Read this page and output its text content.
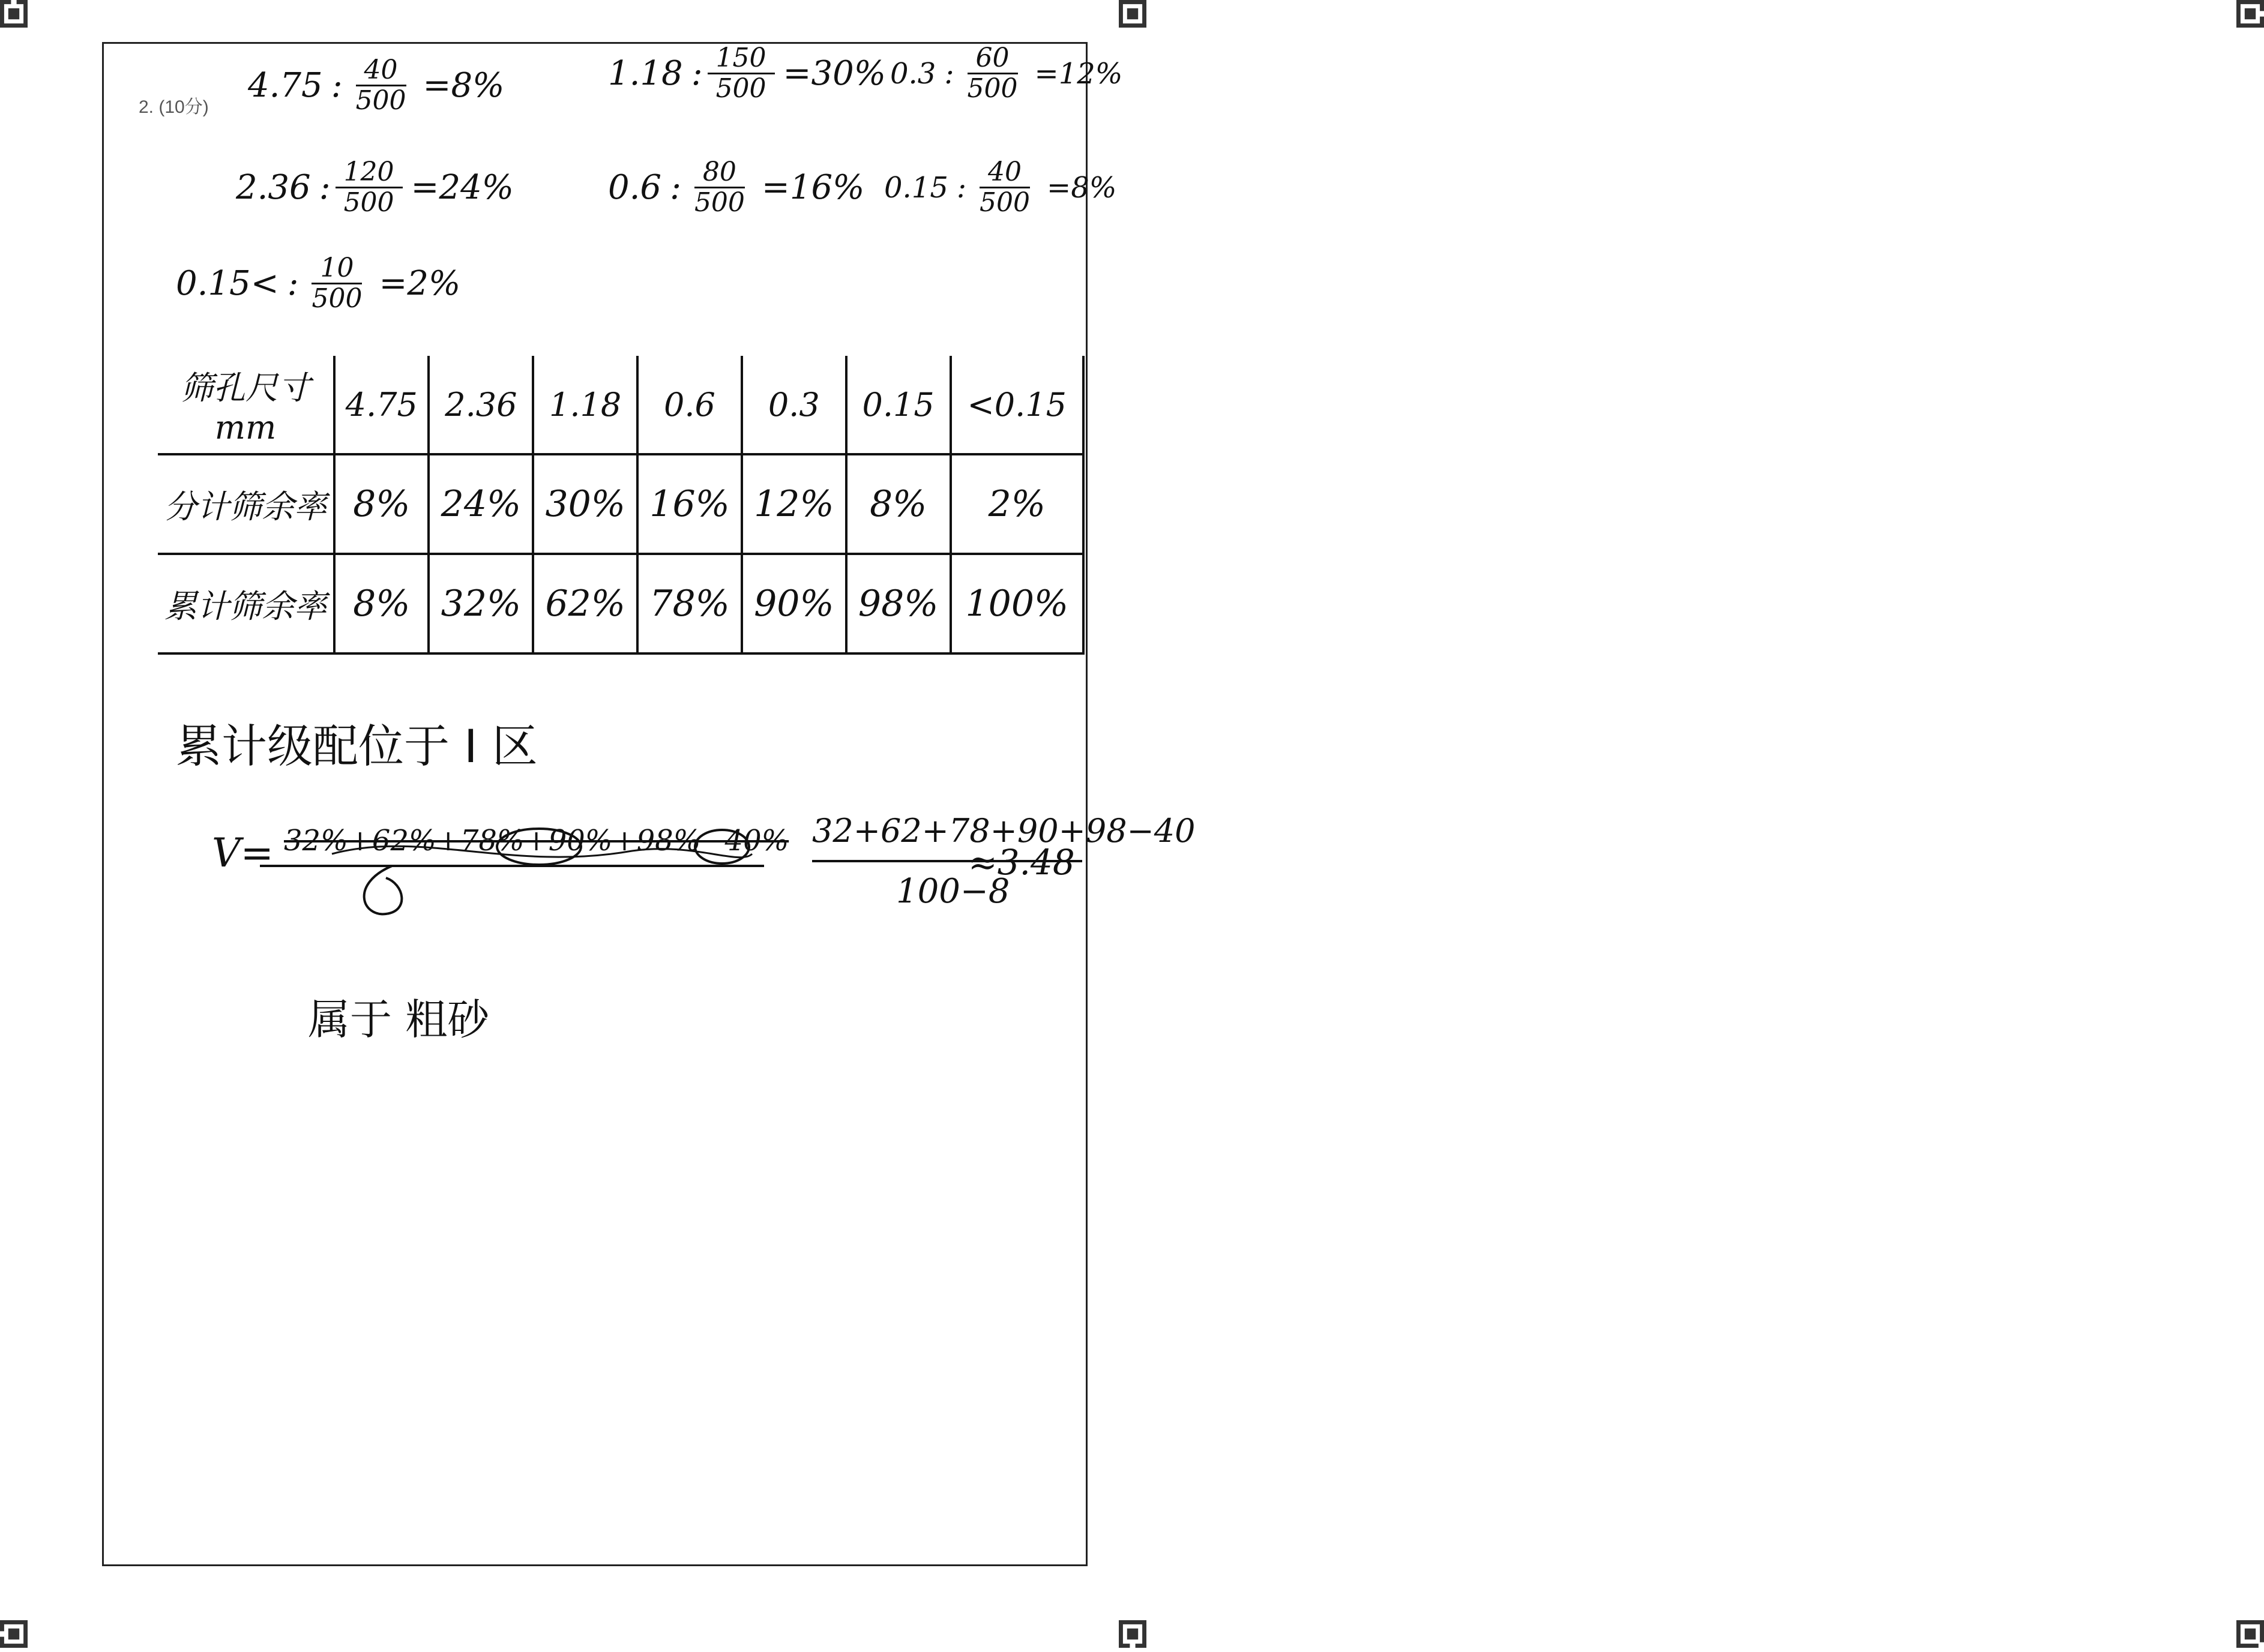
2. (10分)
4.75 : $\frac{40}{500} =8\%$	1.18 : $\frac{150}{500} =30\%$ 0.3 : $\frac{60}{500} =12\%$
2.36 : $\frac{120}{500} =24\%$	0.6 : $\frac{80}{500} =16\%$ 0.15 : $\frac{40}{500} =8\%$
0.15< : $\frac{10}{500} =2\%$
筛孔尺寸mm	4.75	2.36	1.18	0.6	0.3	0.15	<0.15
分计筛余率	8%	24%	30%	16%	12%	8%	2%
累计筛余率	8%	32%	62%	78%	90%	98%	100%
累计级配位于 I 区
V= 32%+62%+78%+90%+98%−40% 32+62+78+90+98−40
100−8
≈3.48
属于 粗砂
